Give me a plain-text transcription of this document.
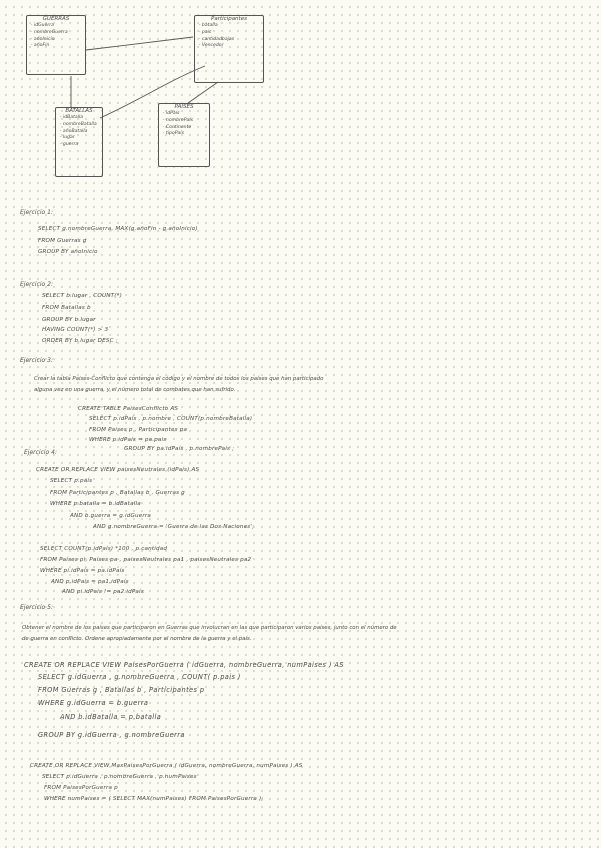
GUERRAS
· idGuerra
· nombreGuerra
· añoInicio
· añoFin
Participantes
· batalla
· país
· cantidadbajas
· Vencedor
BATALLAS
· idBatalla
· nombreBatalla
· añoBatalla
· lugar
· guerra
PAÍSES
· idPaís
· nombrePaís
· Continente
· tipoPaís
Ejercicio 1:
SELECT g.nombreGuerra, MAX(g.añoFin - g.añoInicio)
FROM Guerras g
GROUP BY añoInicio
Ejercicio 2:
SELECT b.lugar , COUNT(*)
FROM Batallas b
GROUP BY b.lugar
HAVING COUNT(*) > 3
ORDER BY b.lugar DESC ;
Ejercicio 3:
Crear la tabla Paises-Conflicto que contenga el código y el nombre de todos los países que han participado
alguna vez en una guerra, y el número total de combates que han sufrido.
CREATE TABLE PaisesConflicto AS
SELECT p.idPaís , p.nombre , COUNT(p.nombreBatalla)
FROM Paises p , Participantes pa
WHERE p.idPaís = pa.pais
GROUP BY pa.idPaís , p.nombrePaís ;
Ejercicio 4:
CREATE OR REPLACE VIEW paisesNeutrales (idPaís) AS
SELECT p.país
FROM Participantes p , Batallas b , Guerras g
WHERE p.batalla = b.idBatalla
AND b.guerra = g.idGuerra
AND g.nombreGuerra = 'Guerra de las Dos Naciones';
SELECT COUNT(p.idPaís) *100 , p.cantidad
FROM Países pi, Países pa , paisesNeutrales pa1 , paisesNeutrales pa2
WHERE pi.idPaís = pa.idPaís
AND p.idPaís = pa1.idPaís
AND pi.idPaís != pa2.idPaís
Ejercicio 5:
Obtener el nombre de los países que participaron en Guerras que involucran en las que participaron varios países, junto con el número de
de guerra en conflicto. Ordene apropiadamente por el nombre de la guerra y el país.
CREATE OR REPLACE VIEW PaisesPorGuerra ( idGuerra, nombreGuerra, numPaises ) AS
SELECT g.idGuerra , g.nombreGuerra , COUNT( p.pais )
FROM Guerras g , Batallas b , Participantes p
WHERE g.idGuerra = b.guerra
AND b.idBatalla = p.batalla
GROUP BY g.idGuerra , g.nombreGuerra
CREATE OR REPLACE VIEW MaxPaisesPorGuerra ( idGuerra, nombreGuerra, numPaises ) AS
SELECT p.idGuerra , p.nombreGuerra , p.numPaises
FROM PaisesPorGuerra p
WHERE numPaises = ( SELECT MAX(numPaises) FROM PaisesPorGuerra );
